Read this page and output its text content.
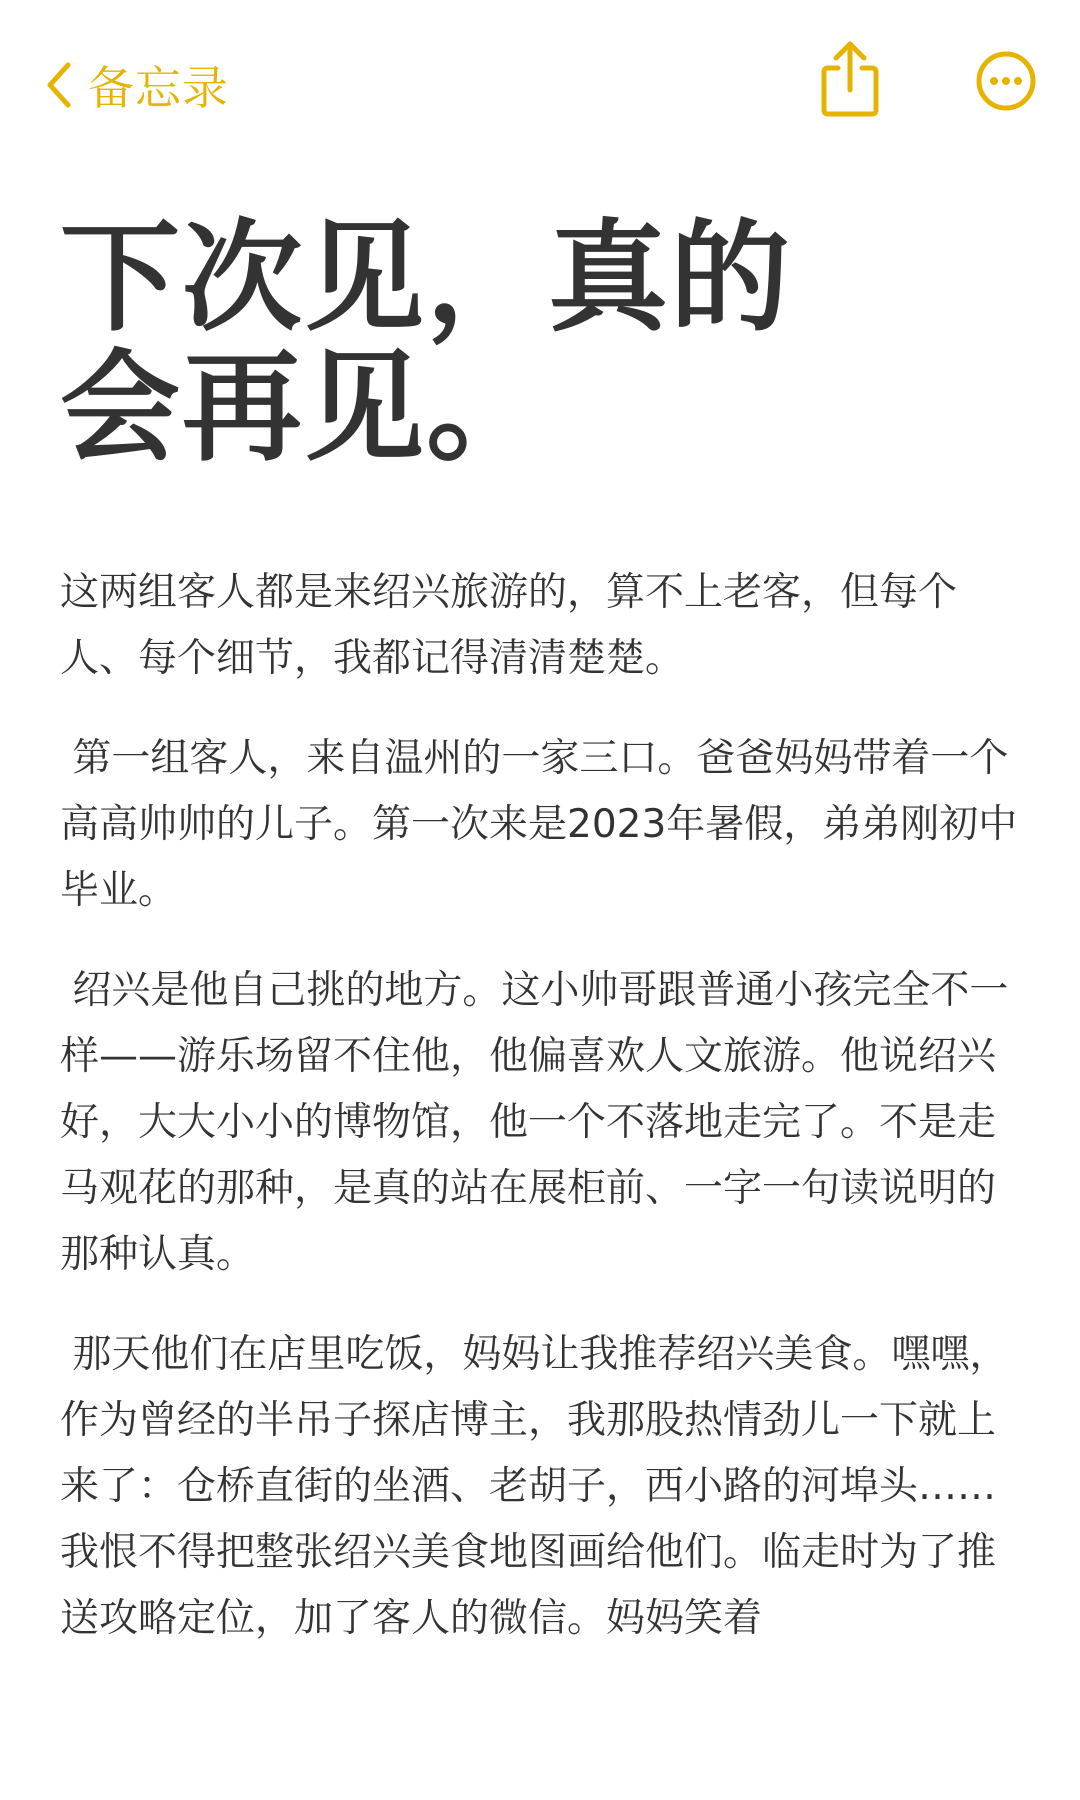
备忘录
下次见，真的
会再见。

这两组客人都是来绍兴旅游的，算不上老客，但每个人、每个细节，我都记得清清楚楚。

第一组客人，来自温州的一家三口。爸爸妈妈带着一个高高帅帅的儿子。第一次来是2023年暑假，弟弟刚初中毕业。

绍兴是他自己挑的地方。这小帅哥跟普通小孩完全不一样——游乐场留不住他，他偏喜欢人文旅游。他说绍兴好，大大小小的博物馆，他一个不落地走完了。不是走马观花的那种，是真的站在展柜前、一字一句读说明的那种认真。

那天他们在店里吃饭，妈妈让我推荐绍兴美食。嘿嘿，作为曾经的半吊子探店博主，我那股热情劲儿一下就上来了：仓桥直街的坐酒、老胡子，西小路的河埠头……我恨不得把整张绍兴美食地图画给他们。临走时为了推送攻略定位，加了客人的微信。妈妈笑着
